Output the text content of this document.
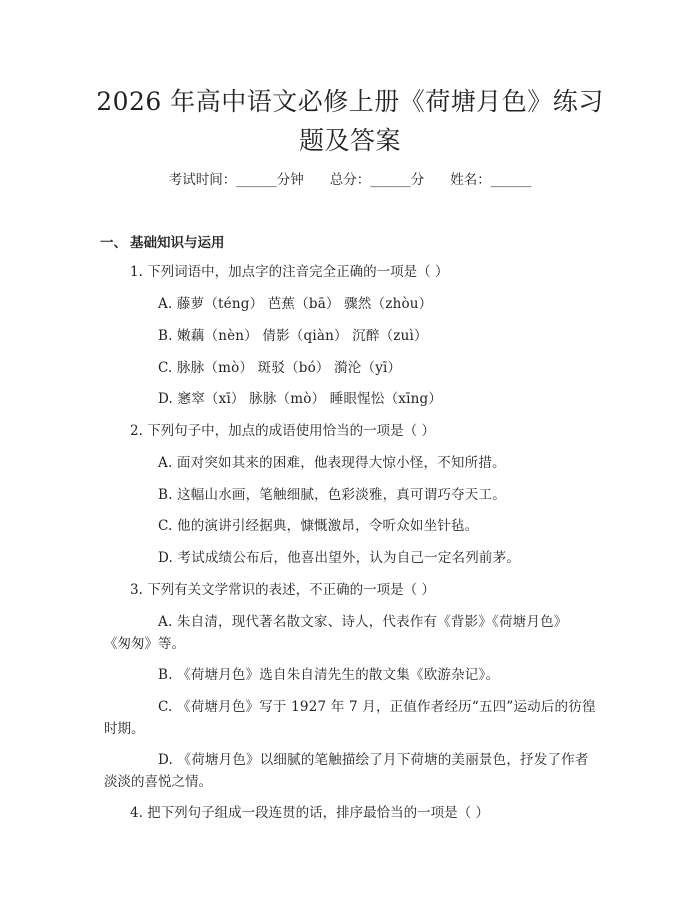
2026 年高中语文必修上册《荷塘月色》练习
题及答案
考试时间：______分钟 总分：______分 姓名：______
一、 基础知识与运用
1. 下列词语中，加点字的注音完全正确的一项是（ ）
A. 藤萝（téng） 芭蕉（bā） 骤然（zhòu）
B. 嫩藕（nèn） 倩影（qiàn） 沉醉（zuì）
C. 脉脉（mò） 斑驳（bó） 漪沦（yī）
D. 窸窣（xī） 脉脉（mò） 睡眼惺忪（xīng）
2. 下列句子中，加点的成语使用恰当的一项是（ ）
A. 面对突如其来的困难，他表现得大惊小怪，不知所措。
B. 这幅山水画，笔触细腻，色彩淡雅，真可谓巧夺天工。
C. 他的演讲引经据典，慷慨激昂，令听众如坐针毡。
D. 考试成绩公布后，他喜出望外，认为自己一定名列前茅。
3. 下列有关文学常识的表述，不正确的一项是（ ）
A. 朱自清，现代著名散文家、诗人，代表作有《背影》《荷塘月色》
《匆匆》等。
B. 《荷塘月色》选自朱自清先生的散文集《欧游杂记》。
C. 《荷塘月色》写于 1927 年 7 月，正值作者经历“五四”运动后的彷徨
时期。
D. 《荷塘月色》以细腻的笔触描绘了月下荷塘的美丽景色，抒发了作者
淡淡的喜悦之情。
4. 把下列句子组成一段连贯的话，排序最恰当的一项是（ ）
